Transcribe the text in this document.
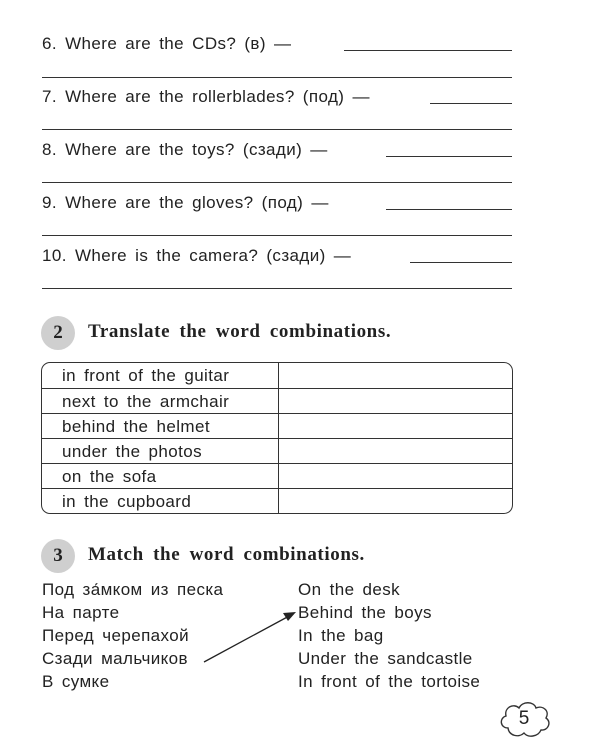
6. Where are the CDs? (в) —
7. Where are the rollerblades? (под) —
8. Where are the toys? (сзади) —
9. Where are the gloves? (под) —
10. Where is the camera? (сзади) —
2	Translate the word combinations.
in front of the guitar
next to the armchair
behind the helmet
under the photos
on the sofa
in the cupboard
3	Match the word combinations.
Под за́мком из песка
На парте
Перед черепахой
Сзади мальчиков
В сумке
On the desk
Behind the boys
In the bag
Under the sandcastle
In front of the tortoise
5
